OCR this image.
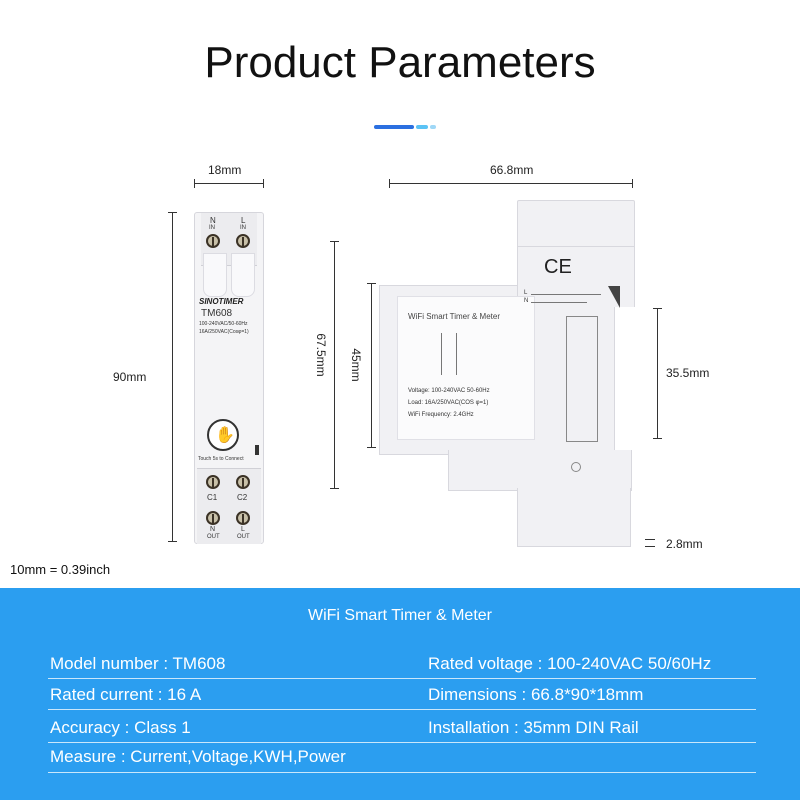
Product Parameters
18mm
90mm
N
IN
L
IN
SINOTIMER
TM608
100-240VAC/50-60Hz
16A/250VAC(Cosφ=1)
✋
Touch 5s to Connect
C1 C2
N
OUT
L
OUT
66.8mm
67.5mm 45mm	35.5mm
2.8mm
CE
WiFi Smart Timer & Meter
Voltage: 100-240VAC 50-60Hz
Load: 16A/250VAC(COS φ=1)
WiFi Frequency: 2.4GHz
L
N
10mm = 0.39inch
WiFi Smart Timer & Meter
Model number : TM608	Rated voltage : 100-240VAC 50/60Hz
Rated current : 16 A	Dimensions : 66.8*90*18mm
Accuracy : Class 1	Installation : 35mm DIN Rail
Measure : Current,Voltage,KWH,Power
